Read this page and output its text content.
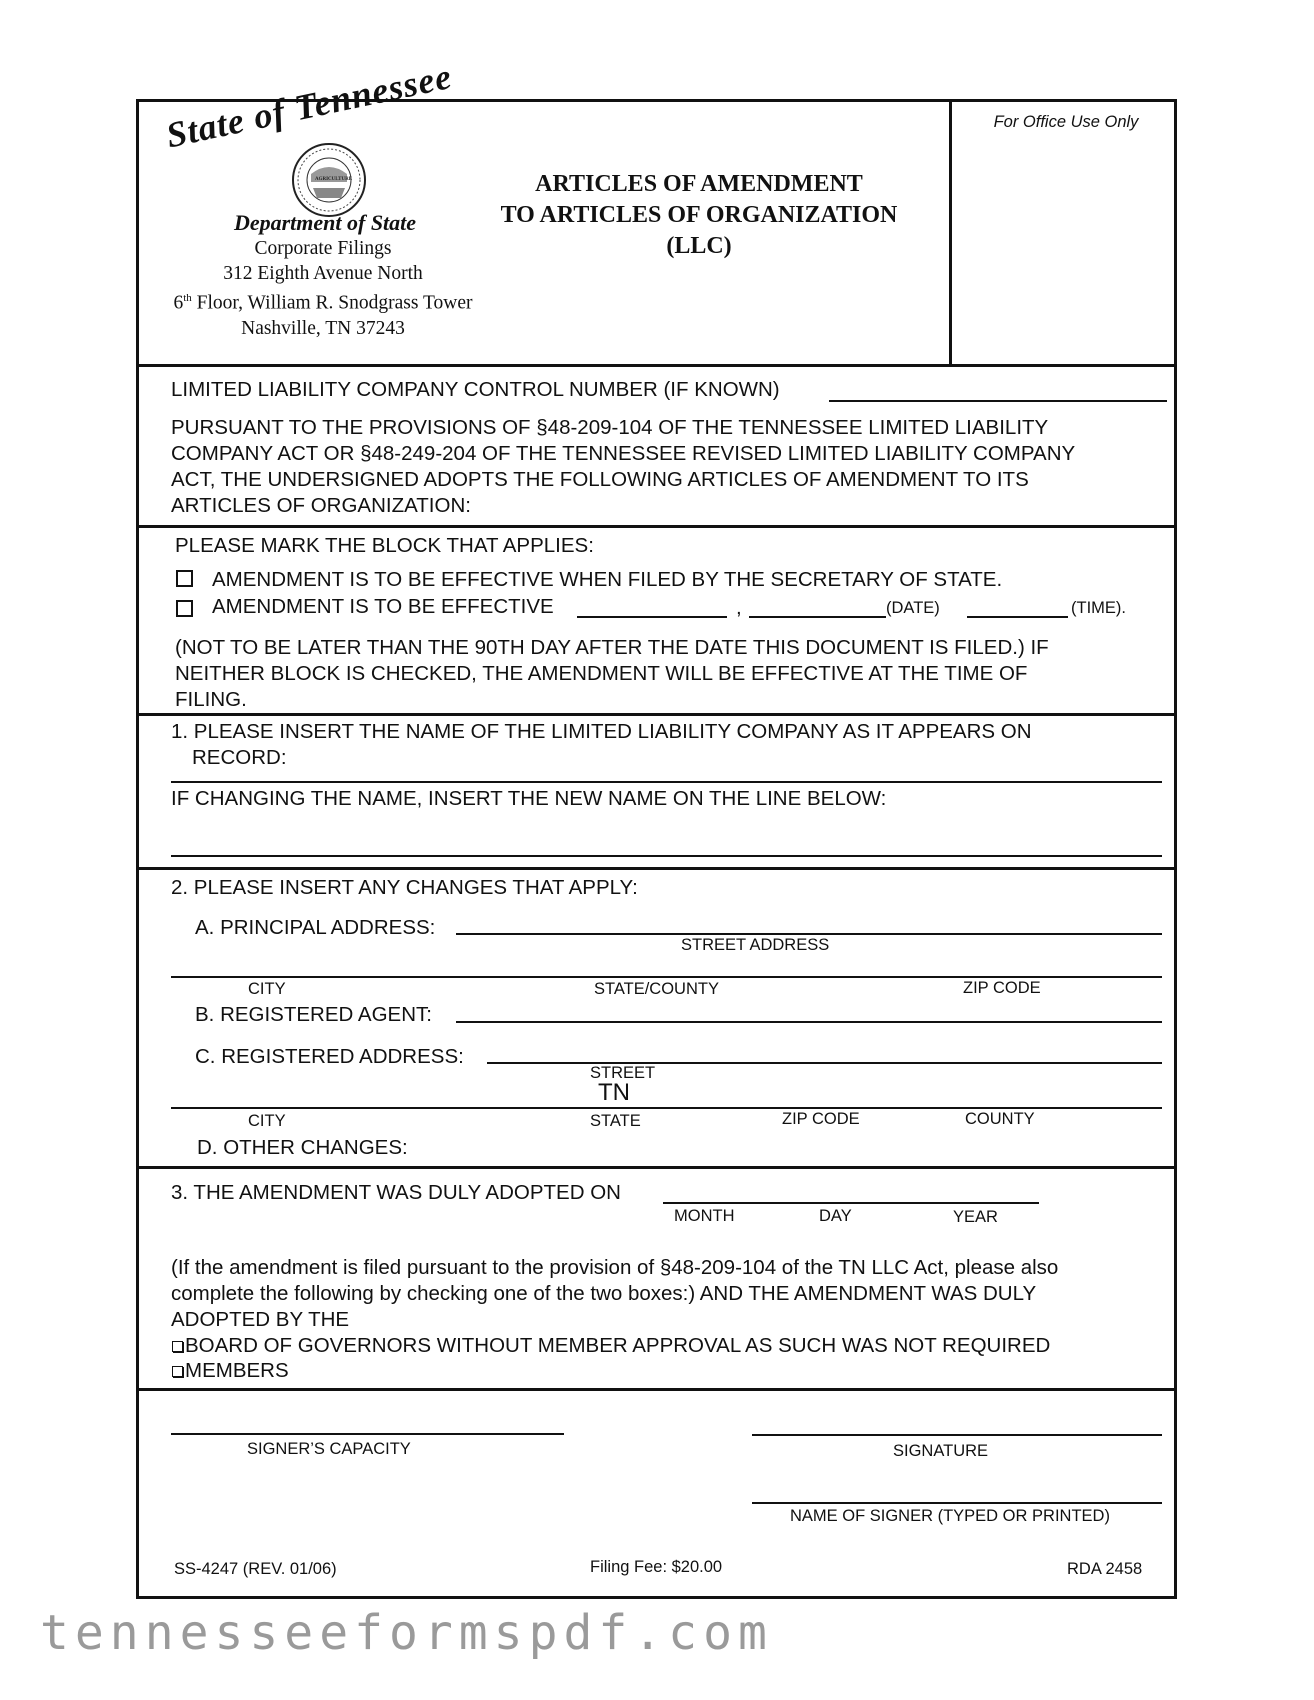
State of Tennessee
AGRICULTURE
Department of State
Corporate Filings
312 Eighth Avenue North
6th Floor, William R. Snodgrass Tower
Nashville, TN 37243
ARTICLES OF AMENDMENT
TO ARTICLES OF ORGANIZATION
(LLC)
For Office Use Only
LIMITED LIABILITY COMPANY CONTROL NUMBER (IF KNOWN)
PURSUANT TO THE PROVISIONS OF §48-209-104 OF THE TENNESSEE LIMITED LIABILITY
COMPANY ACT OR §48-249-204 OF THE TENNESSEE REVISED LIMITED LIABILITY COMPANY
ACT, THE UNDERSIGNED ADOPTS THE FOLLOWING ARTICLES OF AMENDMENT TO ITS
ARTICLES OF ORGANIZATION:
PLEASE MARK THE BLOCK THAT APPLIES:
AMENDMENT IS TO BE EFFECTIVE WHEN FILED BY THE SECRETARY OF STATE.
AMENDMENT IS TO BE EFFECTIVE	,	(DATE)	(TIME).
(NOT TO BE LATER THAN THE 90TH DAY AFTER THE DATE THIS DOCUMENT IS FILED.) IF
NEITHER BLOCK IS CHECKED, THE AMENDMENT WILL BE EFFECTIVE AT THE TIME OF
FILING.
1. PLEASE INSERT THE NAME OF THE LIMITED LIABILITY COMPANY AS IT APPEARS ON
RECORD:
IF CHANGING THE NAME, INSERT THE NEW NAME ON THE LINE BELOW:
2. PLEASE INSERT ANY CHANGES THAT APPLY:
A. PRINCIPAL ADDRESS:
STREET ADDRESS
CITY	STATE/COUNTY	ZIP CODE
B. REGISTERED AGENT:
C. REGISTERED ADDRESS:
STREET
TN
CITY	STATE	ZIP CODE	COUNTY
D. OTHER CHANGES:
3. THE AMENDMENT WAS DULY ADOPTED ON
MONTH	DAY	YEAR
(If the amendment is filed pursuant to the provision of §48-209-104 of the TN LLC Act, please also
complete the following by checking one of the two boxes:) AND THE AMENDMENT WAS DULY
ADOPTED BY THE
BOARD OF GOVERNORS WITHOUT MEMBER APPROVAL AS SUCH WAS NOT REQUIRED
MEMBERS
SIGNER’S CAPACITY	SIGNATURE
NAME OF SIGNER (TYPED OR PRINTED)
SS-4247 (REV. 01/06)	Filing Fee: $20.00	RDA 2458
tennesseeformspdf.com
